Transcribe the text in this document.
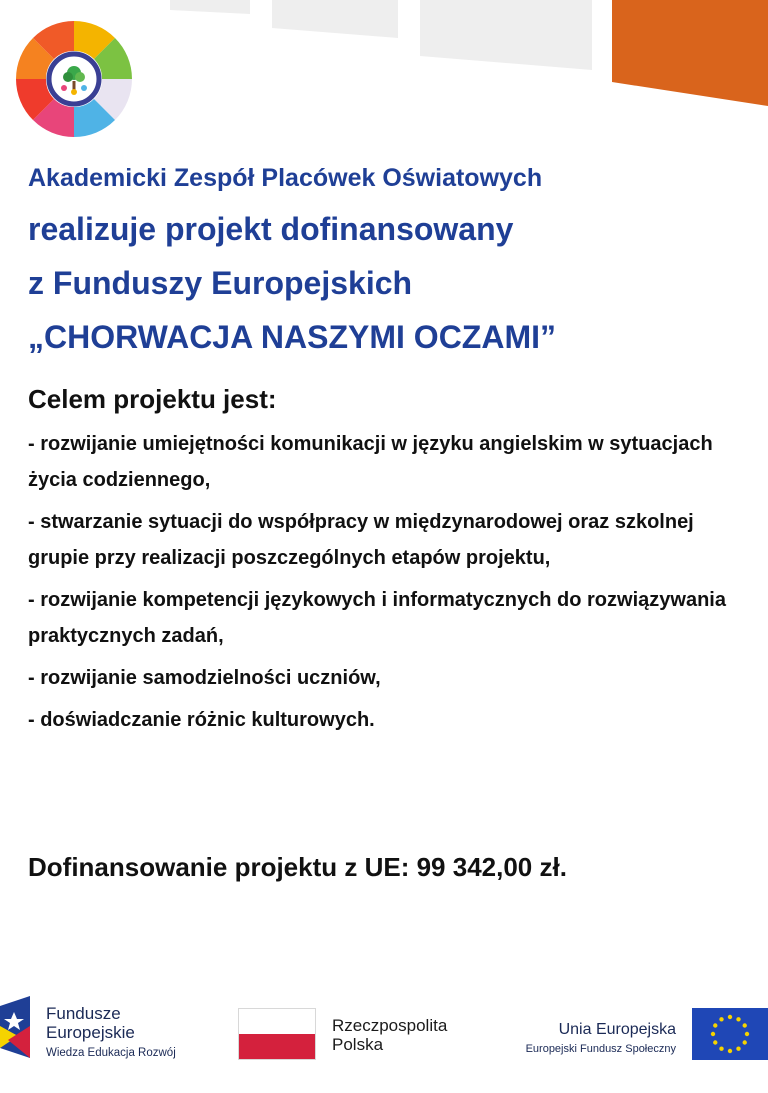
Akademicki Zespół Placówek Oświatowych

realizuje projekt dofinansowany

z Funduszy Europejskich

„CHORWACJA NASZYMI OCZAMI”

Celem projektu jest:

- rozwijanie umiejętności komunikacji w języku angielskim w sytuacjach życia codziennego,

- stwarzanie sytuacji do współpracy w międzynarodowej oraz szkolnej grupie przy realizacji poszczególnych etapów projektu,

- rozwijanie kompetencji językowych i informatycznych do rozwiązywania praktycznych zadań,

- rozwijanie samodzielności uczniów,

- doświadczanie różnic kulturowych.

Dofinansowanie projektu z UE: 99 342,00 zł.

Fundusze
Europejskie
Wiedza Edukacja Rozwój
Rzeczpospolita
Polska
Unia Europejska
Europejski Fundusz Społeczny
